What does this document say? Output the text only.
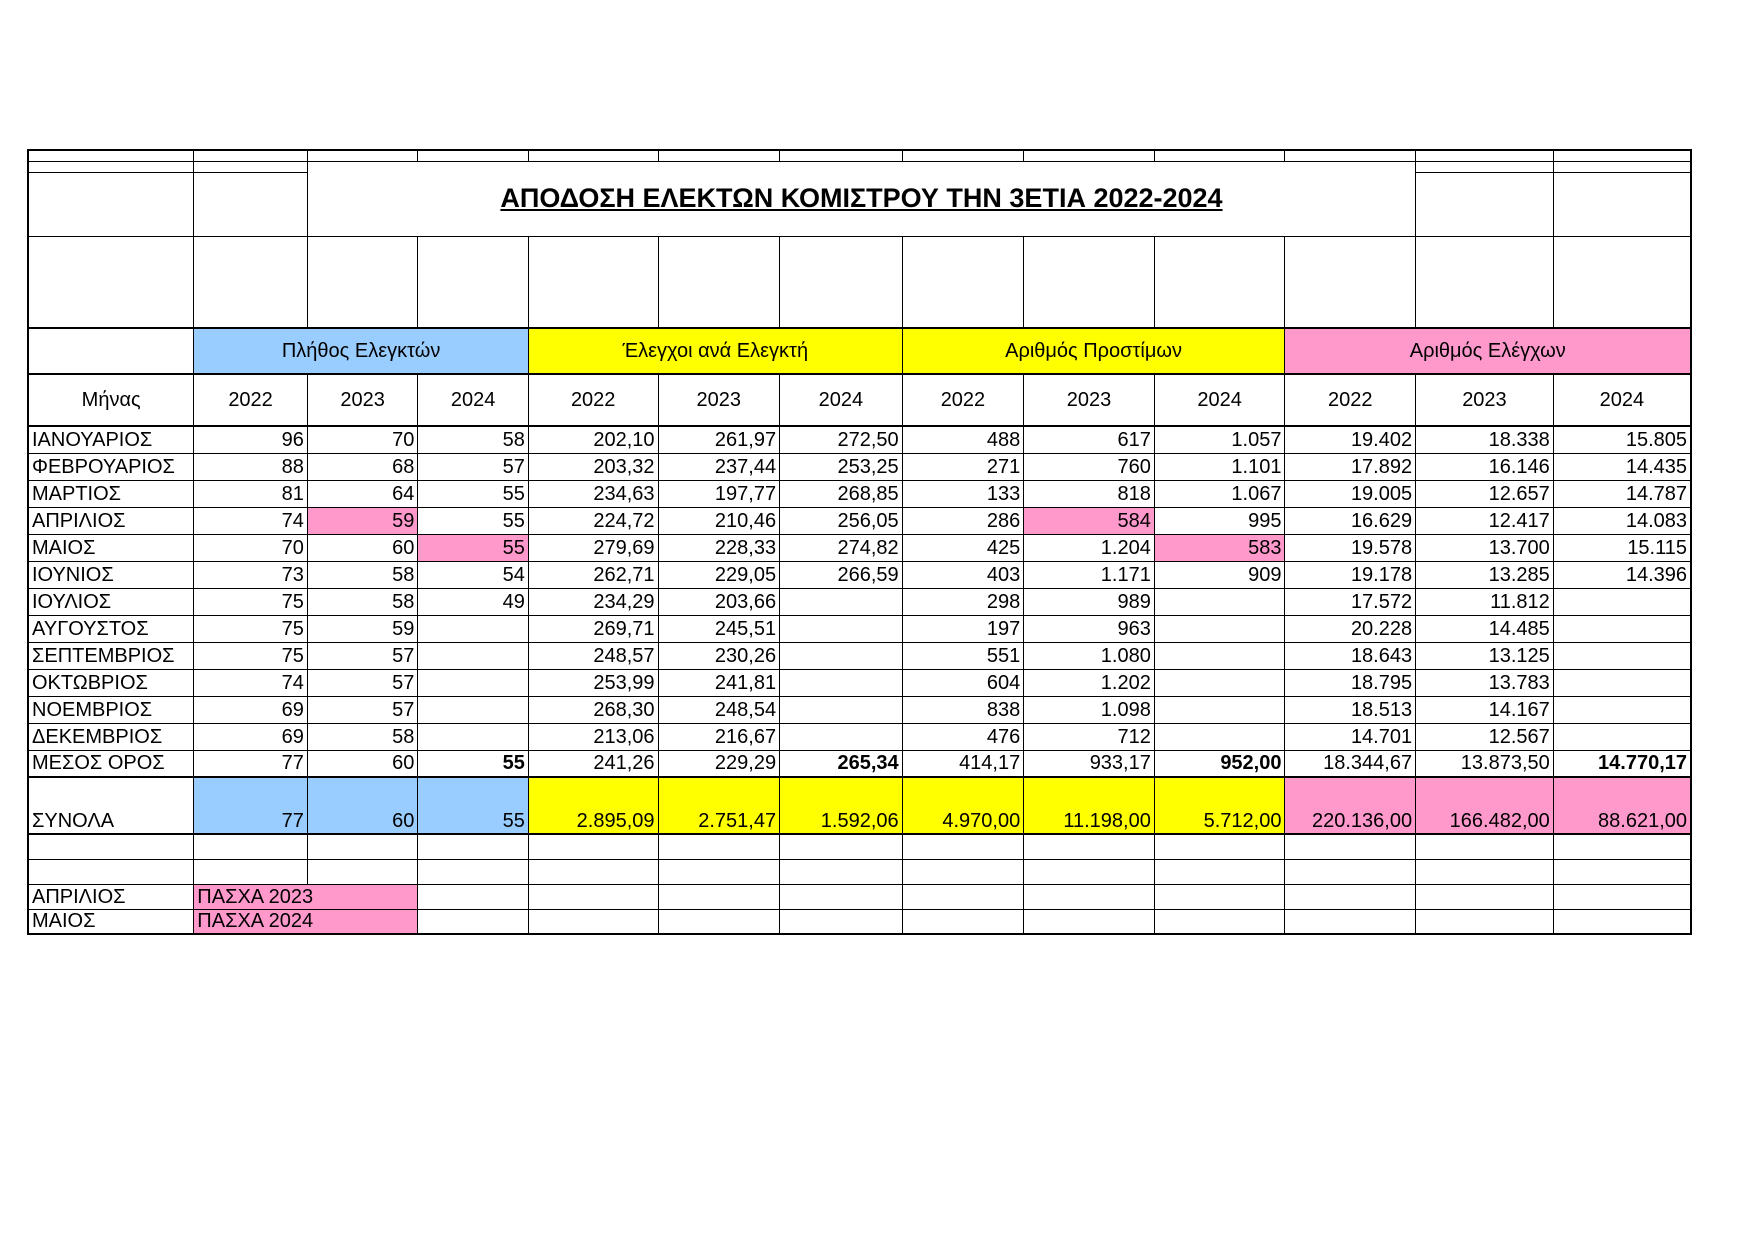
		ΑΠΟΔΟΣΗ ΕΛΕΚΤΩΝ ΚΟΜΙΣΤΡΟΥ ΤΗΝ 3ΕΤΙΑ 2022-2024										

	Πλήθος Ελεγκτών			Έλεγχοι ανά Ελεγκτή			Αριθμός Προστίμων			Αριθμός Ελέγχων		
Μήνας	2022	2023	2024	2022	2023	2024	2022	2023	2024	2022	2023	2024
ΙΑΝΟΥΑΡΙΟΣ	96	70	58	202,10	261,97	272,50	488	617	1.057	19.402	18.338	15.805
ΦΕΒΡΟΥΑΡΙΟΣ	88	68	57	203,32	237,44	253,25	271	760	1.101	17.892	16.146	14.435
ΜΑΡΤΙΟΣ	81	64	55	234,63	197,77	268,85	133	818	1.067	19.005	12.657	14.787
ΑΠΡΙΛΙΟΣ	74	59	55	224,72	210,46	256,05	286	584	995	16.629	12.417	14.083
ΜΑΙΟΣ	70	60	55	279,69	228,33	274,82	425	1.204	583	19.578	13.700	15.115
ΙΟΥΝΙΟΣ	73	58	54	262,71	229,05	266,59	403	1.171	909	19.178	13.285	14.396
ΙΟΥΛΙΟΣ	75	58	49	234,29	203,66		298	989		17.572	11.812	
ΑΥΓΟΥΣΤΟΣ	75	59		269,71	245,51		197	963		20.228	14.485	
ΣΕΠΤΕΜΒΡΙΟΣ	75	57		248,57	230,26		551	1.080		18.643	13.125	
ΟΚΤΩΒΡΙΟΣ	74	57		253,99	241,81		604	1.202		18.795	13.783	
ΝΟΕΜΒΡΙΟΣ	69	57		268,30	248,54		838	1.098		18.513	14.167	
ΔΕΚΕΜΒΡΙΟΣ	69	58		213,06	216,67		476	712		14.701	12.567	
ΜΕΣΟΣ ΟΡΟΣ	77	60	55	241,26	229,29	265,34	414,17	933,17	952,00	18.344,67	13.873,50	14.770,17
ΣΥΝΟΛΑ	77	60	55	2.895,09	2.751,47	1.592,06	4.970,00	11.198,00	5.712,00	220.136,00	166.482,00	88.621,00

ΑΠΡΙΛΙΟΣ	ΠΑΣΧΑ 2023											
ΜΑΙΟΣ	ΠΑΣΧΑ 2024											
